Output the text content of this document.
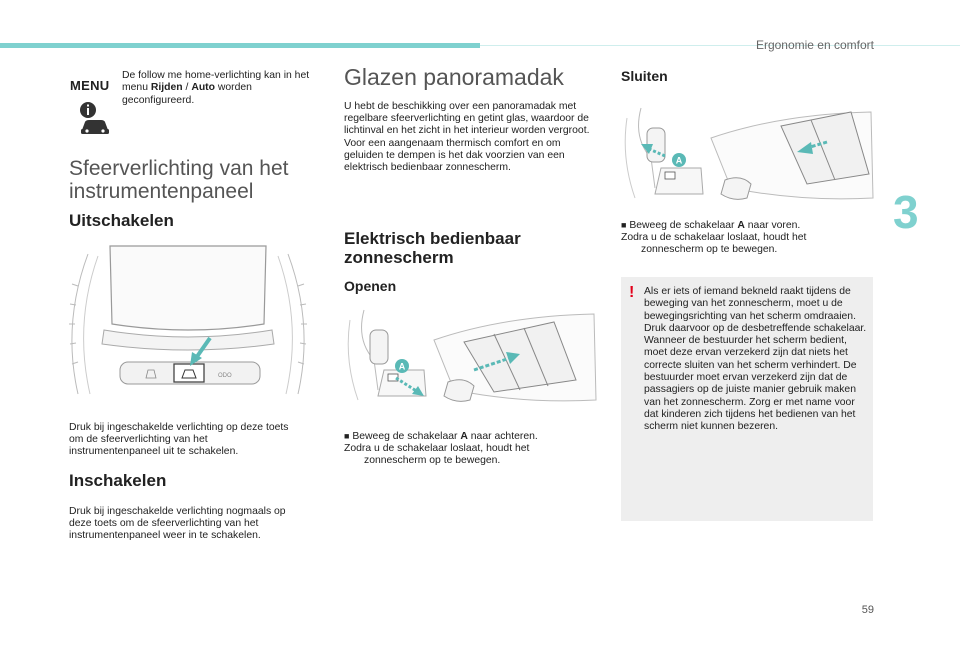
Ergonomie en comfort
3
59
MENU
De follow me home-verlichting kan in het menu Rijden / Auto worden geconfigureerd.
Sfeerverlichting van het
instrumentenpaneel
Uitschakelen
ODO
Druk bij ingeschakelde verlichting op deze toets om de sfeerverlichting van het instrumentenpaneel uit te schakelen.
Inschakelen
Druk bij ingeschakelde verlichting nogmaals op deze toets om de sfeerverlichting van het instrumentenpaneel weer in te schakelen.
Glazen panoramadak
U hebt de beschikking over een panoramadak met regelbare sfeerverlichting en getint glas, waardoor de lichtinval en het zicht in het interieur worden vergroot.
Voor een aangenaam thermisch comfort en om geluiden te dempen is het dak voorzien van een elektrisch bedienbaar zonnescherm.
Elektrisch bedienbaar
zonnescherm
Openen
A
■ Beweeg de schakelaar A naar achteren.
Zodra u de schakelaar loslaat, houdt het
zonnescherm op te bewegen.
Sluiten
A
■ Beweeg de schakelaar A naar voren.
Zodra u de schakelaar loslaat, houdt het
zonnescherm op te bewegen.
! Als er iets of iemand bekneld raakt tijdens de beweging van het zonnescherm, moet u de bewegingsrichting van het scherm omdraaien. Druk daarvoor op de desbetreffende schakelaar. Wanneer de bestuurder het scherm bedient, moet deze ervan verzekerd zijn dat niets het correcte sluiten van het scherm verhindert. De bestuurder moet ervan verzekerd zijn dat de passagiers op de juiste manier gebruik maken van het zonnescherm. Zorg er met name voor dat kinderen zich tijdens het bedienen van het scherm niet kunnen bezeren.
